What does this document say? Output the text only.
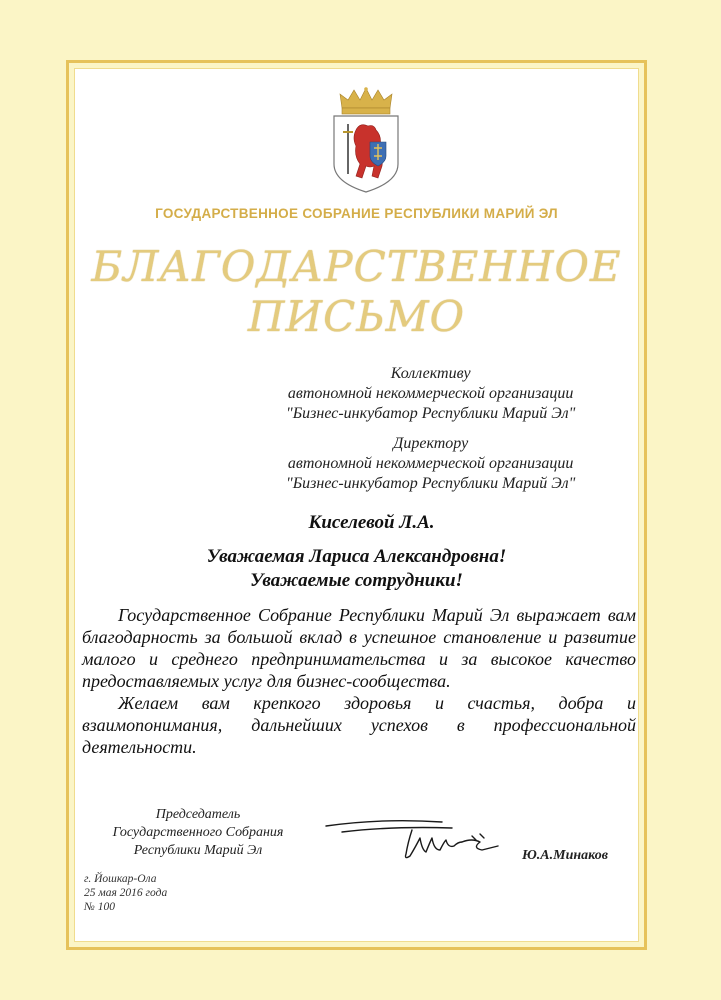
ГОСУДАРСТВЕННОЕ СОБРАНИЕ РЕСПУБЛИКИ МАРИЙ ЭЛ
БЛАГОДАРСТВЕННОЕ
ПИСЬМО
Коллективу
автономной некоммерческой организации
"Бизнес-инкубатор Республики Марий Эл"
Директору
автономной некоммерческой организации
"Бизнес-инкубатор Республики Марий Эл"
Киселевой Л.А.
Уважаемая Лариса Александровна!
Уважаемые сотрудники!

Государственное Собрание Республики Марий Эл выражает вам благодарность за большой вклад в успешное становление и развитие малого и среднего предпринимательства и за высокое качество предоставляемых услуг для бизнес-сообщества.

Желаем вам крепкого здоровья и счастья, добра и взаимопонимания, дальнейших успехов в профессиональной деятельности.

Председатель
Государственного Собрания
Республики Марий Эл	Ю.А.Минаков
г. Йошкар-Ола
25 мая 2016 года
№ 100
